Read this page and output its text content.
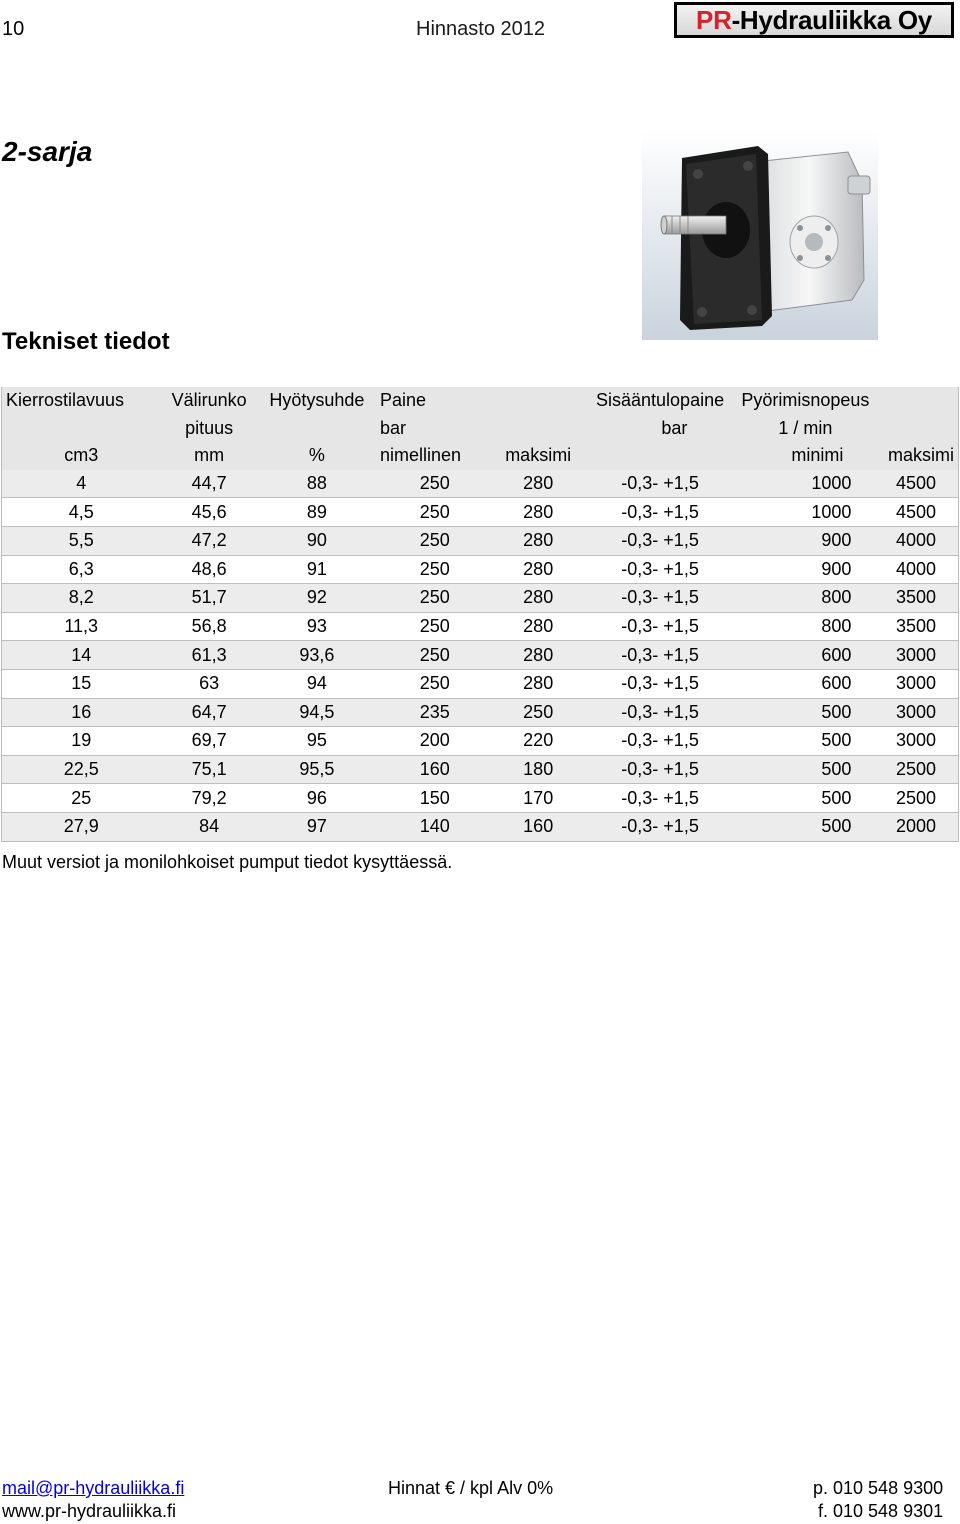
10	Hinnasto 2012	PR -Hydrauliikka Oy
2-sarja
Tekniset tiedot
Kierrostilavuus	Välirunko	Hyötysuhde	Paine		Sisääntulopaine	Pyörimisnopeus	
	pituus		bar		bar	1 / min	
cm3	mm	%	nimellinen	maksimi		minimi	maksimi
4	44,7	88	250	280	-0,3- +1,5	1000	4500
4,5	45,6	89	250	280	-0,3- +1,5	1000	4500
5,5	47,2	90	250	280	-0,3- +1,5	900	4000
6,3	48,6	91	250	280	-0,3- +1,5	900	4000
8,2	51,7	92	250	280	-0,3- +1,5	800	3500
11,3	56,8	93	250	280	-0,3- +1,5	800	3500
14	61,3	93,6	250	280	-0,3- +1,5	600	3000
15	63	94	250	280	-0,3- +1,5	600	3000
16	64,7	94,5	235	250	-0,3- +1,5	500	3000
19	69,7	95	200	220	-0,3- +1,5	500	3000
22,5	75,1	95,5	160	180	-0,3- +1,5	500	2500
25	79,2	96	150	170	-0,3- +1,5	500	2500
27,9	84	97	140	160	-0,3- +1,5	500	2000
Muut versiot ja monilohkoiset pumput tiedot kysyttäessä.
mail@pr-hydrauliikka.fi
www.pr-hydrauliikka.fi
Hinnat € / kpl Alv 0%	p. 010 548 9300
f. 010 548 9301
